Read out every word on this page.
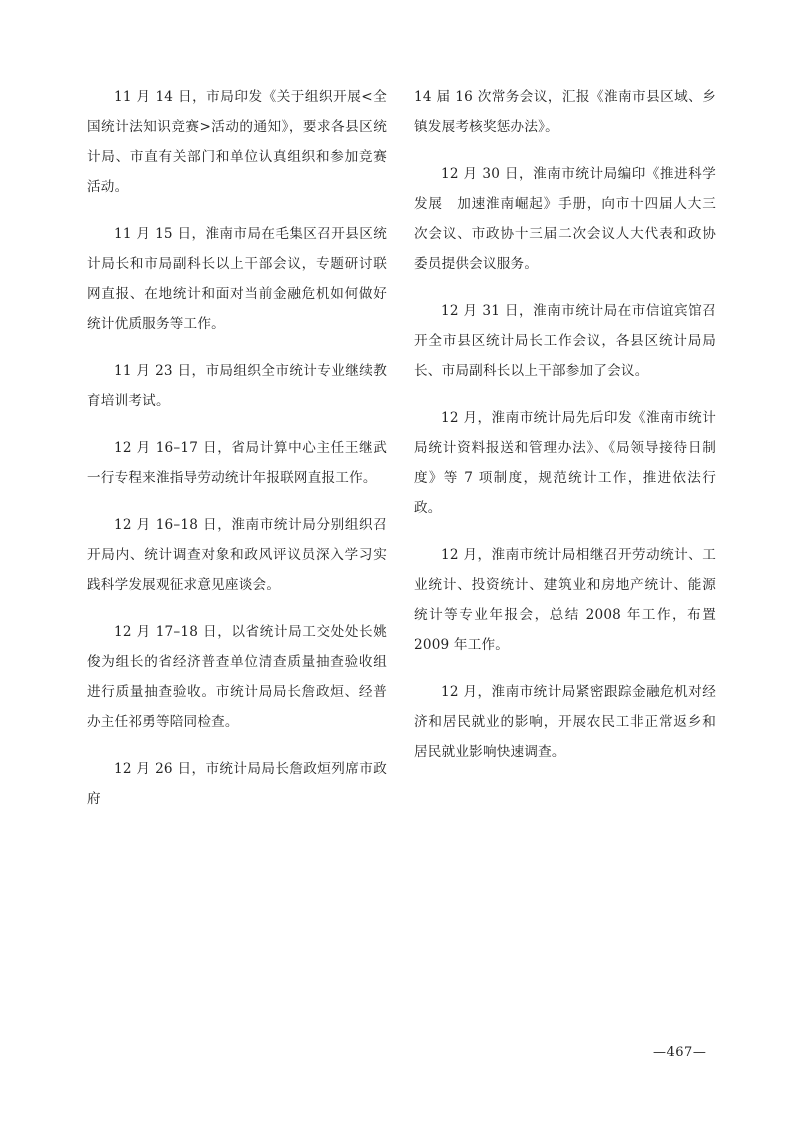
11 月 14 日，市局印发《关于组织开展<全国统计法知识竞赛>活动的通知》，要求各县区统计局、市直有关部门和单位认真组织和参加竞赛活动。

11 月 15 日，淮南市局在毛集区召开县区统计局长和市局副科长以上干部会议，专题研讨联网直报、在地统计和面对当前金融危机如何做好统计优质服务等工作。

11 月 23 日，市局组织全市统计专业继续教育培训考试。

12 月 16–17 日，省局计算中心主任王继武一行专程来淮指导劳动统计年报联网直报工作。

12 月 16–18 日，淮南市统计局分别组织召开局内、统计调查对象和政风评议员深入学习实践科学发展观征求意见座谈会。

12 月 17–18 日，以省统计局工交处处长姚俊为组长的省经济普查单位清查质量抽查验收组进行质量抽查验收。市统计局局长詹政烜、经普办主任祁勇等陪同检查。

12 月 26 日，市统计局局长詹政烜列席市政府

14 届 16 次常务会议，汇报《淮南市县区域、乡镇发展考核奖惩办法》。

12 月 30 日，淮南市统计局编印《推进科学发展　加速淮南崛起》手册，向市十四届人大三次会议、市政协十三届二次会议人大代表和政协委员提供会议服务。

12 月 31 日，淮南市统计局在市信谊宾馆召开全市县区统计局长工作会议，各县区统计局局长、市局副科长以上干部参加了会议。

12 月，淮南市统计局先后印发《淮南市统计局统计资料报送和管理办法》、《局领导接待日制度》等 7 项制度，规范统计工作，推进依法行政。

12 月，淮南市统计局相继召开劳动统计、工业统计、投资统计、建筑业和房地产统计、能源统计等专业年报会，总结 2008 年工作，布置 2009 年工作。

12 月，淮南市统计局紧密跟踪金融危机对经济和居民就业的影响，开展农民工非正常返乡和居民就业影响快速调查。

—467—
